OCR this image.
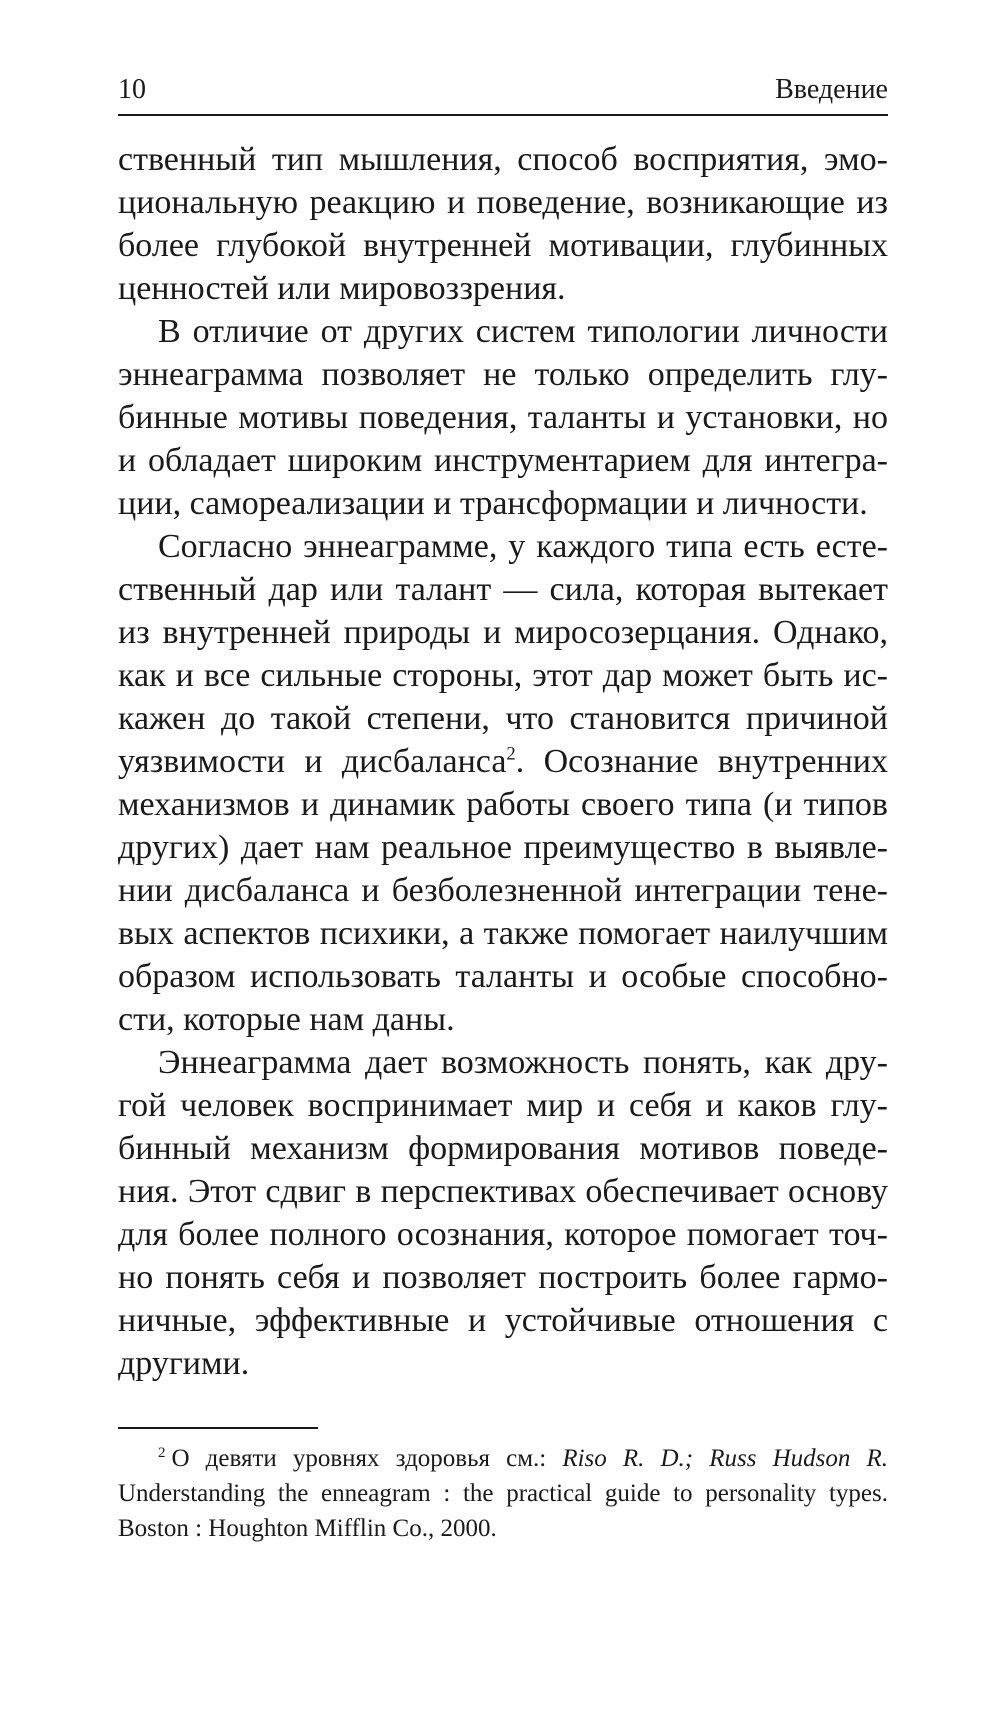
10	Введение

ственный тип мышления, способ восприятия, эмоциональную реакцию и поведение, возникающие из более глубокой внутренней мотивации, глубинных ценностей или мировоззрения.

В отличие от других систем типологии личности эннеаграмма позволяет не только определить глубинные мотивы поведения, таланты и установки, но и обладает широким инструментарием для интеграции, самореализации и трансформации и личности.

Согласно эннеаграмме, у каждого типа есть естественный дар или талант — сила, которая вытекает из внутренней природы и миросозерцания. Однако, как и все сильные стороны, этот дар может быть искажен до такой степени, что становится причиной уязвимости и дисбаланса$^2$. Осознание внутренних механизмов и динамик работы своего типа (и типов других) дает нам реальное преимущество в выявлении дисбаланса и безболезненной интеграции теневых аспектов психики, а также помогает наилучшим образом использовать таланты и особые способности, которые нам даны.

Эннеаграмма дает возможность понять, как другой человек воспринимает мир и себя и каков глубинный механизм формирования мотивов поведения. Этот сдвиг в перспективах обеспечивает основу для более полного осознания, которое помогает точно понять себя и позволяет построить более гармоничные, эффективные и устойчивые отношения с другими.

$^2$ О девяти уровнях здоровья см.: Riso R. D.; Russ Hudson R. Understanding the enneagram : the practical guide to personality types. Boston : Houghton Mifflin Co., 2000.
